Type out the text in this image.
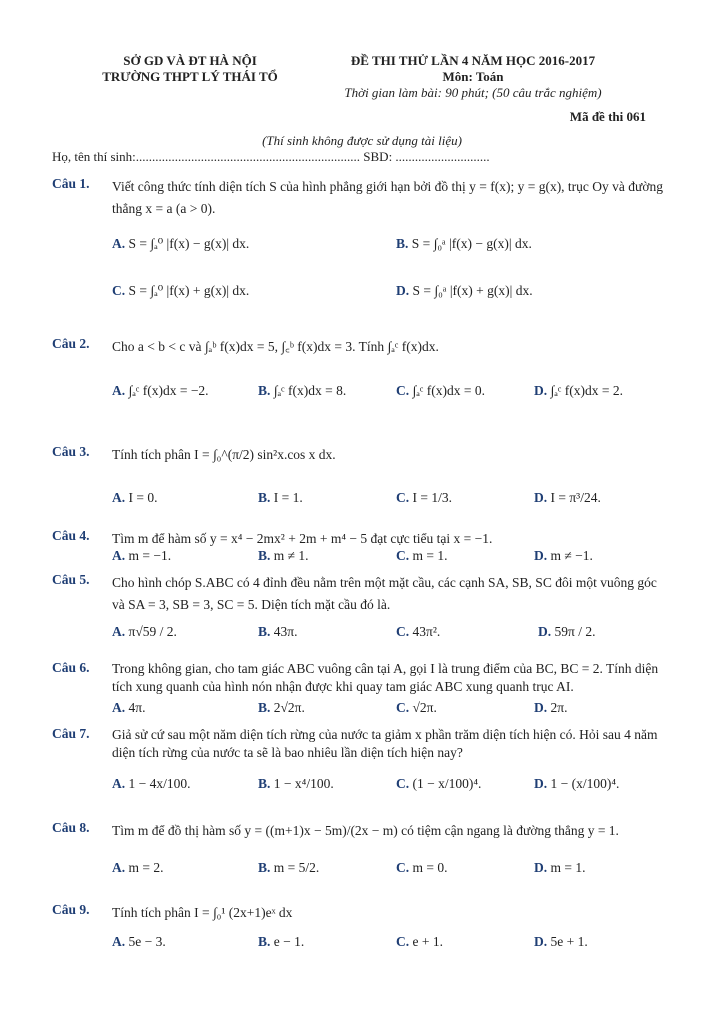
SỞ GD VÀ ĐT HÀ NỘI
TRƯỜNG THPT LÝ THÁI TỔ
ĐỀ THI THỬ LẦN 4 NĂM HỌC 2016-2017
Môn: Toán
Thời gian làm bài: 90 phút; (50 câu trắc nghiệm)
Mã đề thi 061
(Thí sinh không được sử dụng tài liệu)
Họ, tên thí sinh:..................................................................... SBD: .............................
Câu 1. Viết công thức tính diện tích S của hình phẳng giới hạn bởi đồ thị y = f(x); y = g(x), trục Oy và đường thẳng x = a (a > 0).
A. S = ∫ₐ⁰ |f(x) − g(x)| dx.	B. S = ∫₀ᵃ |f(x) − g(x)| dx.
C. S = ∫ₐ⁰ |f(x) + g(x)| dx.	D. S = ∫₀ᵃ |f(x) + g(x)| dx.
Câu 2. Cho a < b < c và ∫ₐᵇ f(x)dx = 5, ∫꜀ᵇ f(x)dx = 3. Tính ∫ₐᶜ f(x)dx.
A. ∫ₐᶜ f(x)dx = −2.	B. ∫ₐᶜ f(x)dx = 8.	C. ∫ₐᶜ f(x)dx = 0.	D. ∫ₐᶜ f(x)dx = 2.
Câu 3. Tính tích phân I = ∫₀^(π/2) sin²x.cos x dx.
A. I = 0.	B. I = 1.	C. I = 1/3.	D. I = π³/24.
Câu 4. Tìm m để hàm số y = x⁴ − 2mx² + 2m + m⁴ − 5 đạt cực tiểu tại x = −1.
A. m = −1.	B. m ≠ 1.	C. m = 1.	D. m ≠ −1.
Câu 5. Cho hình chóp S.ABC có 4 đỉnh đều nằm trên một mặt cầu, các cạnh SA, SB, SC đôi một vuông góc và SA = 3, SB = 3, SC = 5. Diện tích mặt cầu đó là.
A. π√59 / 2.	B. 43π.	C. 43π².	D. 59π / 2.
Câu 6. Trong không gian, cho tam giác ABC vuông cân tại A, gọi I là trung điểm của BC, BC = 2. Tính diện tích xung quanh của hình nón nhận được khi quay tam giác ABC xung quanh trục AI.
A. 4π.	B. 2√2π.	C. √2π.	D. 2π.
Câu 7. Giả sử cứ sau một năm diện tích rừng của nước ta giảm x phần trăm diện tích hiện có. Hỏi sau 4 năm diện tích rừng của nước ta sẽ là bao nhiêu lần diện tích hiện nay?
A. 1 − 4x/100.	B. 1 − x⁴/100.	C. (1 − x/100)⁴.	D. 1 − (x/100)⁴.
Câu 8. Tìm m để đồ thị hàm số y = ((m+1)x − 5m)/(2x − m) có tiệm cận ngang là đường thẳng y = 1.
A. m = 2.	B. m = 5/2.	C. m = 0.	D. m = 1.
Câu 9. Tính tích phân I = ∫₀¹ (2x+1)eˣ dx
A. 5e − 3.	B. e − 1.	C. e + 1.	D. 5e + 1.
